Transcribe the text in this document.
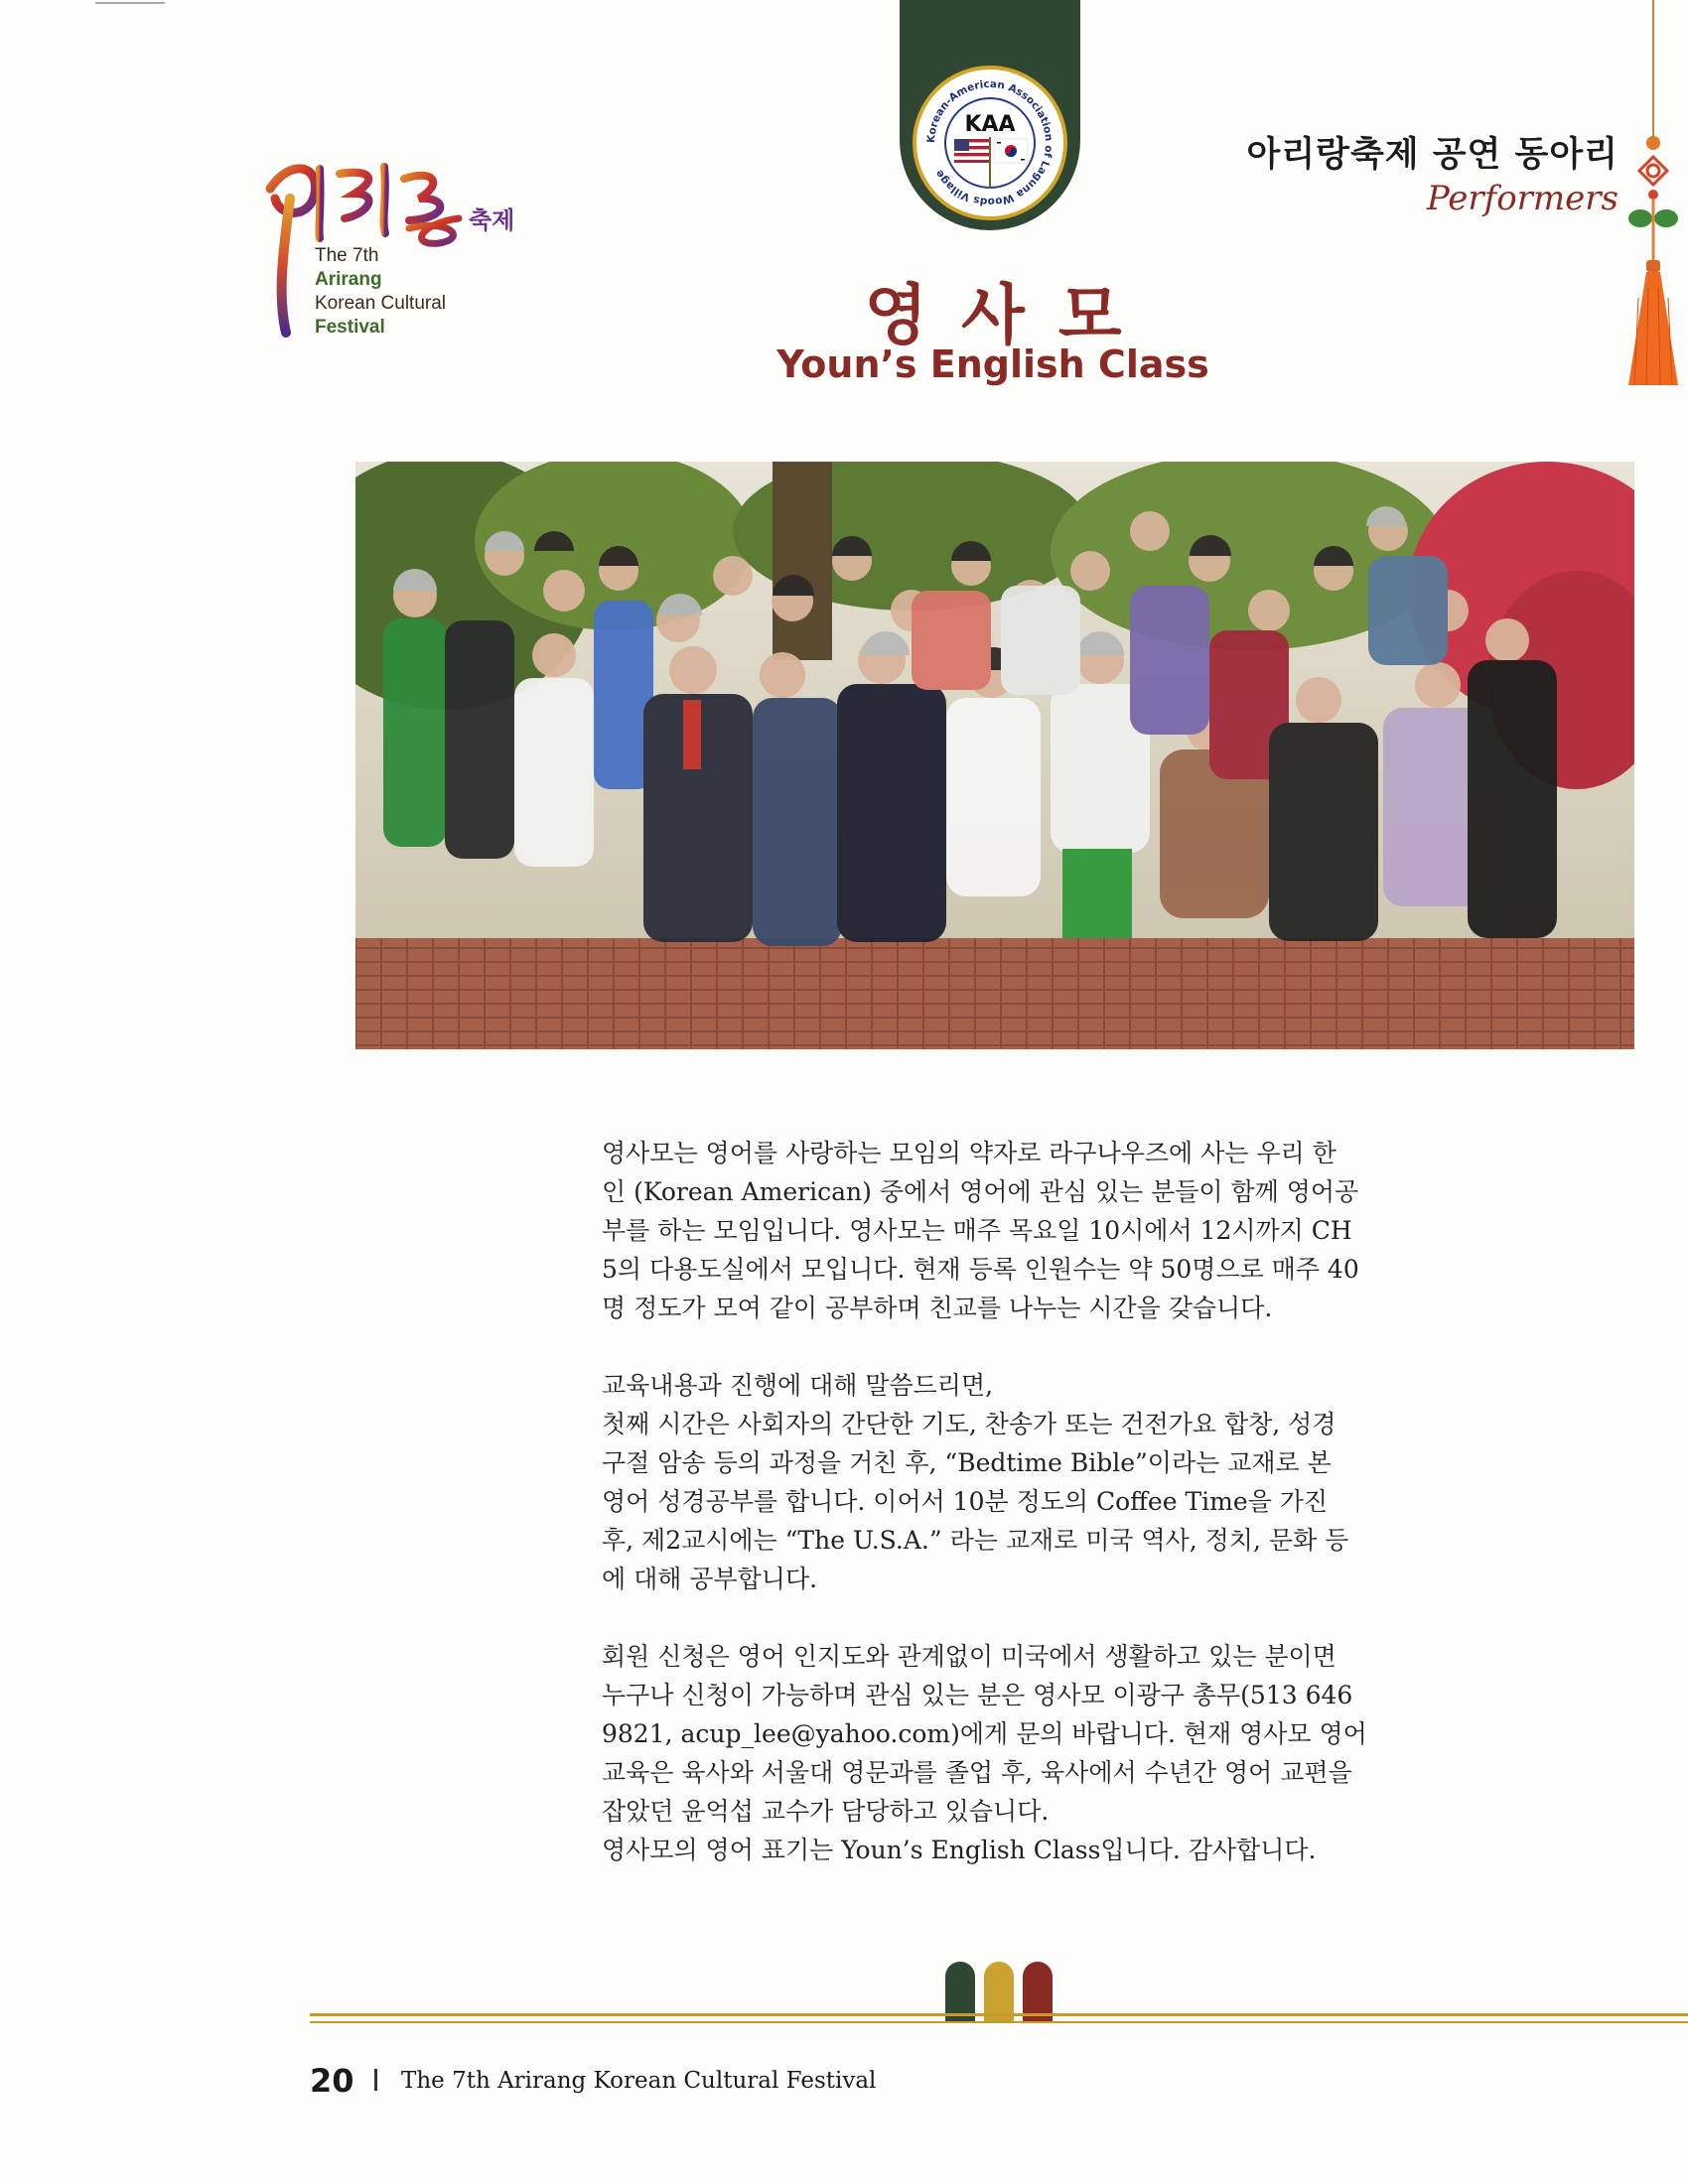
축제
The 7th
Arirang
Korean Cultural
Festival
Korean-American Association of Laguna Woods Village
KAA
아리랑축제 공연 동아리
Performers
영사모
Youn’s English Class

영사모는 영어를 사랑하는 모임의 약자로 라구나우즈에 사는 우리 한
인 (Korean American) 중에서 영어에 관심 있는 분들이 함께 영어공
부를 하는 모임입니다. 영사모는 매주 목요일 10시에서 12시까지 CH
5의 다용도실에서 모입니다. 현재 등록 인원수는 약 50명으로 매주 40
명 정도가 모여 같이 공부하며 친교를 나누는 시간을 갖습니다.

교육내용과 진행에 대해 말씀드리면,
첫째 시간은 사회자의 간단한 기도, 찬송가 또는 건전가요 합창, 성경
구절 암송 등의 과정을 거친 후, “Bedtime Bible”이라는 교재로 본
영어 성경공부를 합니다. 이어서 10분 정도의 Coffee Time을 가진
후, 제2교시에는 “The U.S.A.” 라는 교재로 미국 역사, 정치, 문화 등
에 대해 공부합니다.

회원 신청은 영어 인지도와 관계없이 미국에서 생활하고 있는 분이면
누구나 신청이 가능하며 관심 있는 분은 영사모 이광구 총무(513 646
9821, acup_lee@yahoo.com)에게 문의 바랍니다. 현재 영사모 영어
교육은 육사와 서울대 영문과를 졸업 후, 육사에서 수년간 영어 교편을
잡았던 윤억섭 교수가 담당하고 있습니다.
영사모의 영어 표기는 Youn’s English Class입니다. 감사합니다.

20 The 7th Arirang Korean Cultural Festival
